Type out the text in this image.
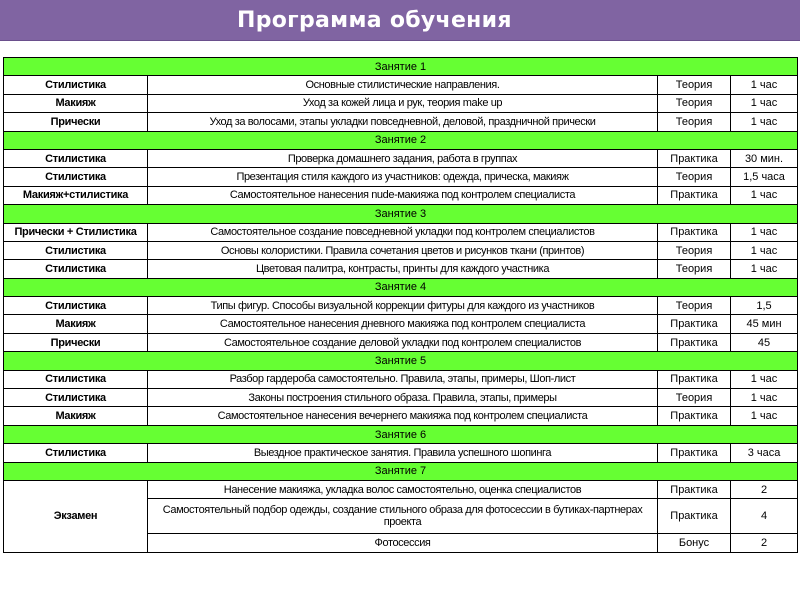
Программа обучения
Занятие 1			
Стилистика	Основные стилистические направления.	Теория	1 час
Макияж	Уход за кожей лица и рук, теория make up	Теория	1 час
Прически	Уход за волосами, этапы укладки повседневной, деловой, праздничной прически	Теория	1 час
Занятие 2			
Стилистика	Проверка домашнего задания, работа в группах	Практика	30 мин.
Стилистика	Презентация стиля каждого из участников: одежда, прическа, макияж	Теория	1,5 часа
Макияж+стилистика	Самостоятельное нанесения nude-макияжа под контролем специалиста	Практика	1 час
Занятие 3			
Прически + Стилистика	Самостоятельное создание повседневной укладки под контролем специалистов	Практика	1 час
Стилистика	Основы колористики. Правила сочетания цветов и рисунков ткани (принтов)	Теория	1 час
Стилистика	Цветовая палитра, контрасты, принты для каждого участника	Теория	1 час
Занятие 4			
Стилистика	Типы фигур. Способы визуальной коррекции фитуры для каждого из участников	Теория	1,5
Макияж	Самостоятельное нанесения дневного макияжа под контролем специалиста	Практика	45 мин
Прически	Самостоятельное создание деловой укладки под контролем специалистов	Практика	45
Занятие 5			
Стилистика	Разбор гардероба самостоятельно. Правила, этапы, примеры, Шоп-лист	Практика	1 час
Стилистика	Законы построения стильного образа. Правила, этапы, примеры	Теория	1 час
Макияж	Самостоятельное нанесения вечернего макияжа под контролем специалиста	Практика	1 час
Занятие 6			
Стилистика	Выездное практическое занятия. Правила успешного шопинга	Практика	3 часа
Занятие 7			
Экзамен	Нанесение макияжа, укладка волос самостоятельно, оценка специалистов	Практика	2
	Самостоятельный подбор одежды, создание стильного образа для фотосессии в бутиках-партнерах проекта	Практика	4
	Фотосессия	Бонус	2
